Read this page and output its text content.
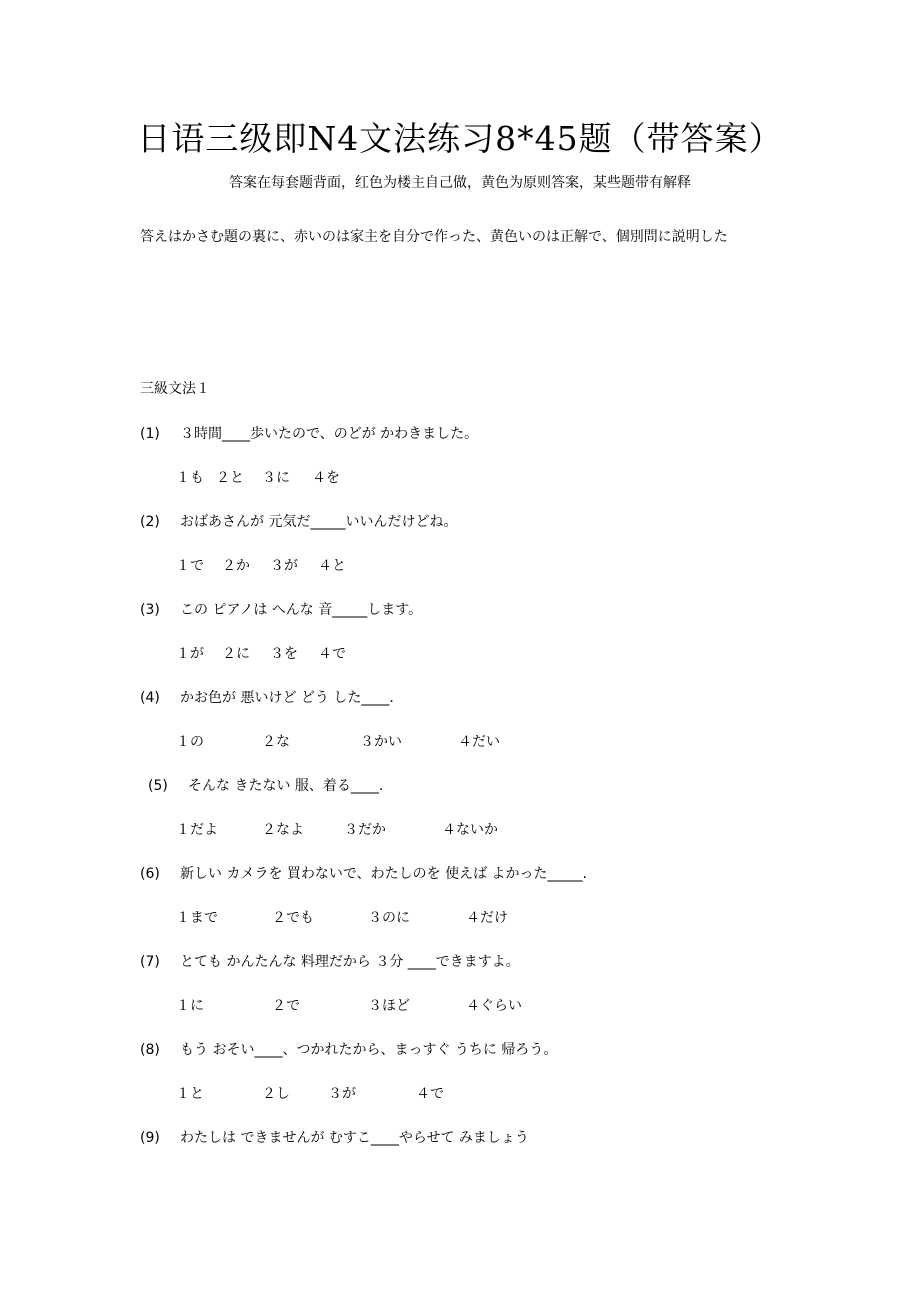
日语三级即N4文法练习8*45题（带答案）
答案在每套题背面，红色为楼主自己做，黄色为原则答案，某些题带有解释
答えはかさむ題の裏に、赤いのは家主を自分で作った、黄色いのは正解で、個別問に説明した
三級文法１
(1) ３時間____歩いたので、のどが かわきました。
１も ２と ３に ４を
(2) おばあさんが 元気だ_____いいんだけどね。
１で ２か ３が ４と
(3) この ピアノは へんな 音_____します。
１が ２に ３を ４で
(4) かお色が 悪いけど どう した____.
１の	２な	３かい	４だい
(5) そんな きたない 服、着る____.
１だよ	２なよ	３だか	４ないか
(6) 新しい カメラを 買わないで、わたしのを 使えば よかった_____.
１まで	２でも	３のに	４だけ
(7) とても かんたんな 料理だから ３分 ____できますよ。
１に	２で	３ほど	４ぐらい
(8) もう おそい____、つかれたから、まっすぐ うちに 帰ろう。
１と	２し	３が	４で
(9) わたしは できませんが むすこ____やらせて みましょう
